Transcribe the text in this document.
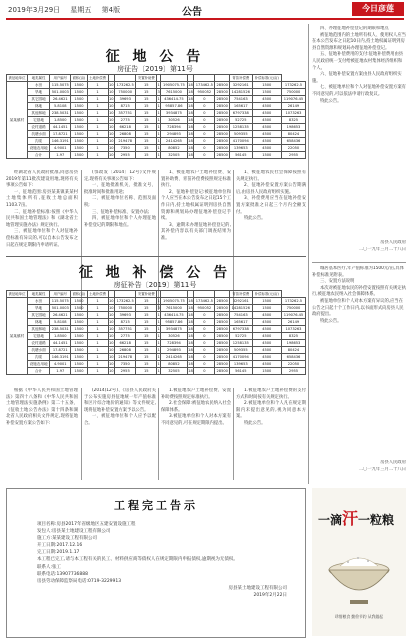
2019年3月29日 星期五 第4版	公告	今日彦莲
征 地 公 告
房征告〔2019〕第11号
被征地单位	地类属性	用户编号	面积(亩)	土地补偿费			安置补助费						青苗补偿费	补偿标准(元/亩)	
某某镇村	水田	115.5075	1500	1	10	173262.5	15	1	1905075.75	18	173462.5	28500	3292161	1500	173262.5
	旱地	501.0003	1500	1	10	750000	15	3	7615000	18	950052	28500	14281526	1500	750000
	其它园地	26.4621	1500	1	10	39693	15	1	436414.75	18	0	28500	754163	4500	119076.45
	林地	5.8108	1500	1	10	8715	15	1	95857.86	18	0	28500	165617	4500	26149
	其他林地	238.5031	1500	1	10	357751	15	1	3934875	18	0	28500	6797338	4500	1073263
	宅基地	1.8500	1500	1	10	2775	15	1	30526	18	0	28500	52725	4500	8325
	农村道路	44.1451	1500	1	10	66218	15	1	728394	18	0	28500	1258135	4500	198653
	坑塘水面	17.8721	1500	1	10	26808	15	1	294893	18	0	28500	509355	4500	80424
	沟渠	146.3191	1500	1	10	219478	15	1	2414265	18	0	28500	4170094	4500	658436
	设施农用地	4.9001	1500	1	10	7350	15	1	80852	18	0	28500	139653	4500	22050
	合计	1.97	1500	1	10	2955	15	1	32505	18	0	28500	56145	1500	2955

经湖北省人民政府批准,同意房县2019年第11批次建设用地,现将有关事项公告如下:

一、征地范围:房县某某镇某某村土地集体所有,征收土地总面积1103.7亩。

二、征地补偿标准:按照《中华人民共和国土地管理法》和《湖北省土地管理实施办法》规定执行。

三、被征地单位和个人对征地补偿标准有异议的,可以自本公告发布之日起在规定期限内申请听证。

(鄂政发〔2014〕12号)文件规定,现将有关事项公告如下:

一、征地批准机关、批准文号、批准时间和批准用途;

二、被征地单位名称、范围及面积;

三、征地补偿标准、安置办法;

四、被征地单位和个人办理征地补偿登记的期限和地点。

1、被征地农户土地补偿费、安置补助费、青苗补偿费按照规定标准执行。

2、征地补偿登记:被征地单位和个人应当在本公告发布之日起15个工作日内,持土地权属证明到房县自然资源和规划局办理征地补偿登记手续。

3、逾期未办理征地补偿登记的,其补偿内容以有关部门调查结果为准。

1、被征地农民社会保障按照有关规定执行。

2、征地补偿安置方案公告期满后,由房县人民政府组织实施。

3、补偿费用应当在征地补偿安置方案批准之日起三个月内全额支付。

特此公告。

四、办理征地补偿登记的期限和地点

被征地范围内的土地所有权人、使用权人应当在本公告发布之日起10日内,持土地权属证明到房县自然资源和规划局办理征地补偿登记。

五、征地补偿费用的支付:征地补偿费用由县人民政府统一支付给被征地农村集体经济组织和个人。

六、征地补偿安置方案由县人民政府组织实施。

七、被征地单位和个人对征地补偿安置方案有不同意见的,可以依法申请行政复议。

特此公告。

房县人民政府
二〇一九年三月二十八日

城居基本医疗,年产值标准为1500元/亩,具体补偿标准见附表。

三、安置方法说明

本次对被征地农民的补偿安置按照有关规定执行,被征地农民纳入社会保障体系。

被征地单位和个人对本方案有异议的,应当在公告之日起十个工作日内,以书面形式向房县人民政府提出。

特此公告。

房县人民政府
二〇一九年三月二十八日
征 地 补 偿 公 告
房征补告〔2019〕第11号
被征地单位	地类属性	用户编号	面积(亩)	土地补偿费			安置补助费						青苗补偿费	补偿标准(元/亩)	
某某镇村	水田	115.5075	1500	1	10	173262.5	15	1	1905075.75	18	173462.5	28500	3292161	1500	173262.5
	旱地	501.0003	1500	1	10	750000	15	3	7615000	18	950052	28500	14281526	1500	750000
	其它园地	26.4621	1500	1	10	39693	15	1	436414.75	18	0	28500	754163	4500	119076.45
	林地	5.8108	1500	1	10	8715	15	1	95857.86	18	0	28500	165617	4500	26149
	其他林地	238.5031	1500	1	10	357751	15	1	3934875	18	0	28500	6797338	4500	1073263
	宅基地	1.8500	1500	1	10	2775	15	1	30526	18	0	28500	52725	4500	8325
	农村道路	44.1451	1500	1	10	66218	15	1	728394	18	0	28500	1258135	4500	198653
	坑塘水面	17.8721	1500	1	10	26808	15	1	294893	18	0	28500	509355	4500	80424
	沟渠	146.3191	1500	1	10	219478	15	1	2414265	18	0	28500	4170094	4500	658436
	设施农用地	4.9001	1500	1	10	7350	15	1	80852	18	0	28500	139653	4500	22050
	合计	1.97	1500	1	10	2955	15	1	32505	18	0	28500	56145	1500	2955

根据《中华人民共和国土地管理法》第四十八条和《中华人民共和国土地管理法实施条例》第二十五条、《征收土地公告办法》第十四条和湖北省人民政府相关文件规定,现将征地补偿安置方案公告如下:

(2014)12号)、《房县人民政府关于公布实施房县征地统一年产值标准和区片综合地价的通知》等文件规定,现将征地补偿安置方案予以公告。

一、被征地单位和个人应予以配合。

1.被征地农户土地补偿费、安置补助费按照规定标准执行。

2.社会保障:被征地农民纳入社会保障体系。

3.被征地单位和个人对本方案有不同意见的,可在规定期限内提出。

1.被征地农户土地补偿费的支付方式和时间按有关规定执行。

2.被征地单位和个人凡在规定期限内未提出意见的,视为同意本方案。

特此公告。

工程完工告示
项目名称:房县2017年省级地区五建安置设施工程
发包人:房县某土地建设工程有限公司
施工方:某某建设工程有限公司
开工日期:2017.12.16
完工日期:2019.1.17
本工程已完工,请与本工程有关的民工、材料供应商等债权人在规定期限内申报债权,逾期视为无债权。
联系人:张工
联系电话:13907736888
房县劳动保障监察局电话:0719-3229913
房县某土地建设工程有限公司
2019年2月22日
一滴汗一粒粮
珍惜粮食 勤俭节约 从我做起
